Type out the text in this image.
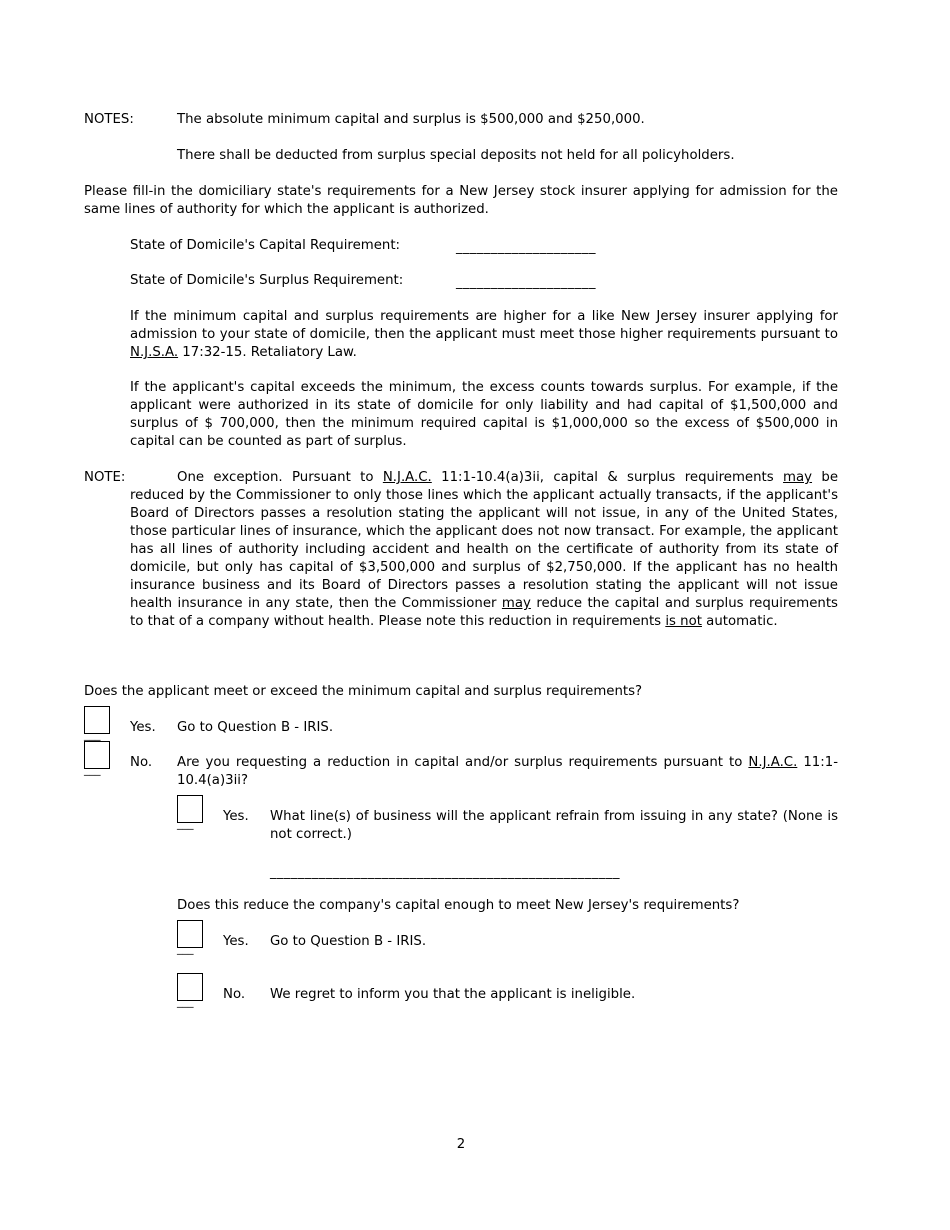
NOTES:	The absolute minimum capital and surplus is $500,000 and $250,000.
There shall be deducted from surplus special deposits not held for all policyholders.
Please fill-in the domiciliary state's requirements for a New Jersey stock insurer applying for admission for the same lines of authority for which the applicant is authorized.
State of Domicile's Capital Requirement:	____________________
State of Domicile's Surplus Requirement:	____________________
If the minimum capital and surplus requirements are higher for a like New Jersey insurer applying for admission to your state of domicile, then the applicant must meet those higher requirements pursuant to N.J.S.A. 17:32-15. Retaliatory Law.
If the applicant's capital exceeds the minimum, the excess counts towards surplus. For example, if the applicant were authorized in its state of domicile for only liability and had capital of $1,500,000 and surplus of $ 700,000, then the minimum required capital is $1,000,000 so the excess of $500,000 in capital can be counted as part of surplus.
NOTE:	One exception. Pursuant to N.J.A.C. 11:1-10.4(a)3ii, capital & surplus requirements may be reduced by the Commissioner to only those lines which the applicant actually transacts, if the applicant's Board of Directors passes a resolution stating the applicant will not issue, in any of the United States, those particular lines of insurance, which the applicant does not now transact. For example, the applicant has all lines of authority including accident and health on the certificate of authority from its state of domicile, but only has capital of $3,500,000 and surplus of $2,750,000. If the applicant has no health insurance business and its Board of Directors passes a resolution stating the applicant will not issue health insurance in any state, then the Commissioner may reduce the capital and surplus requirements to that of a company without health. Please note this reduction in requirements is not automatic.
Does the applicant meet or exceed the minimum capital and surplus requirements?
___ Yes. Go to Question B - IRIS.
___ No. Are you requesting a reduction in capital and/or surplus requirements pursuant to N.J.A.C. 11:1-10.4(a)3ii?
___ Yes. What line(s) of business will the applicant refrain from issuing in any state? (None is not correct.)
__________________________________________________
Does this reduce the company's capital enough to meet New Jersey's requirements?
___ Yes. Go to Question B - IRIS.
___ No. We regret to inform you that the applicant is ineligible.
2
